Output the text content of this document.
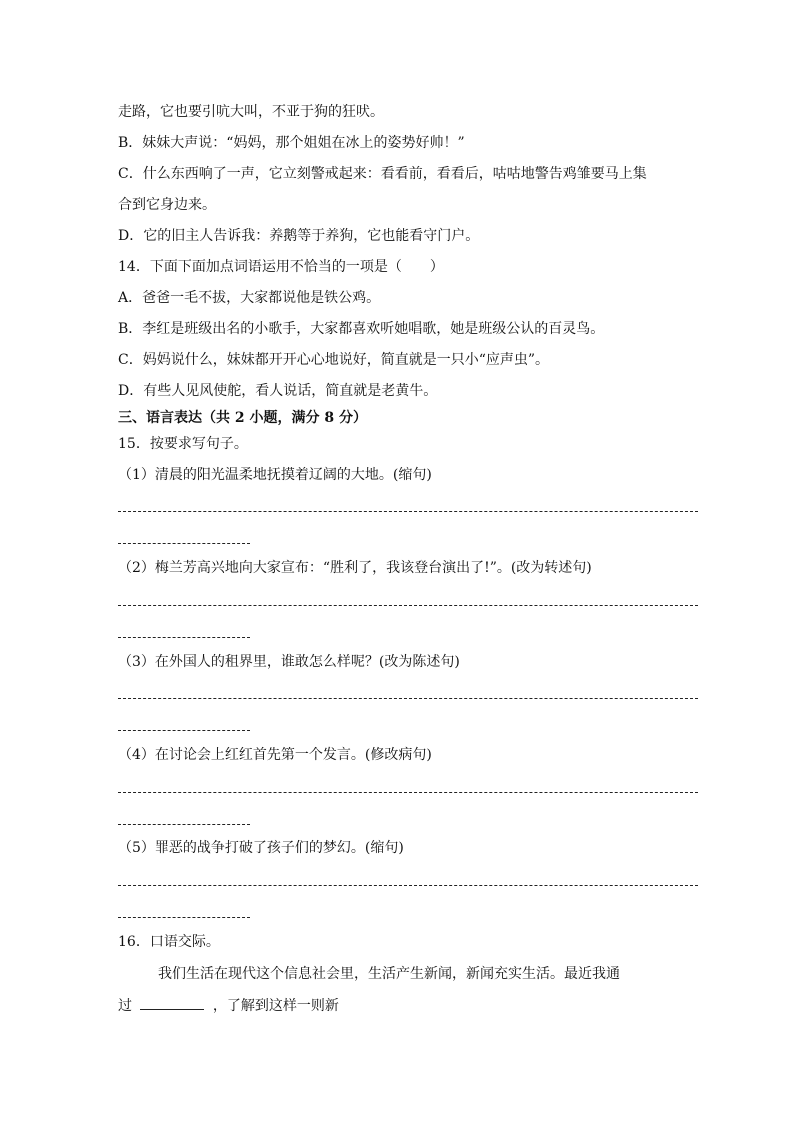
走路，它也要引吭大叫，不亚于狗的狂吠。
B．妹妹大声说：“妈妈，那个姐姐在冰上的姿势好帅！”
C．什么东西响了一声，它立刻警戒起来：看看前，看看后，咕咕地警告鸡雏要马上集
合到它身边来。
D．它的旧主人告诉我：养鹅等于养狗，它也能看守门户。
14．下面下面加点词语运用不恰当的一项是（　　）
A．爸爸一毛不拔，大家都说他是铁公鸡。
B．李红是班级出名的小歌手，大家都喜欢听她唱歌，她是班级公认的百灵鸟。
C．妈妈说什么，妹妹都开开心心地说好，简直就是一只小“应声虫”。
D．有些人见风使舵，看人说话，简直就是老黄牛。
三、语言表达（共 2 小题，满分 8 分）
15．按要求写句子。
（1）清晨的阳光温柔地抚摸着辽阔的大地。(缩句)
（2）梅兰芳高兴地向大家宣布：“胜利了，我该登台演出了!”。(改为转述句)
（3）在外国人的租界里，谁敢怎么样呢？(改为陈述句)
（4）在讨论会上红红首先第一个发言。(修改病句)
（5）罪恶的战争打破了孩子们的梦幻。(缩句)
16．口语交际。
我们生活在现代这个信息社会里，生活产生新闻，新闻充实生活。最近我通
过	，了解到这样一则新
